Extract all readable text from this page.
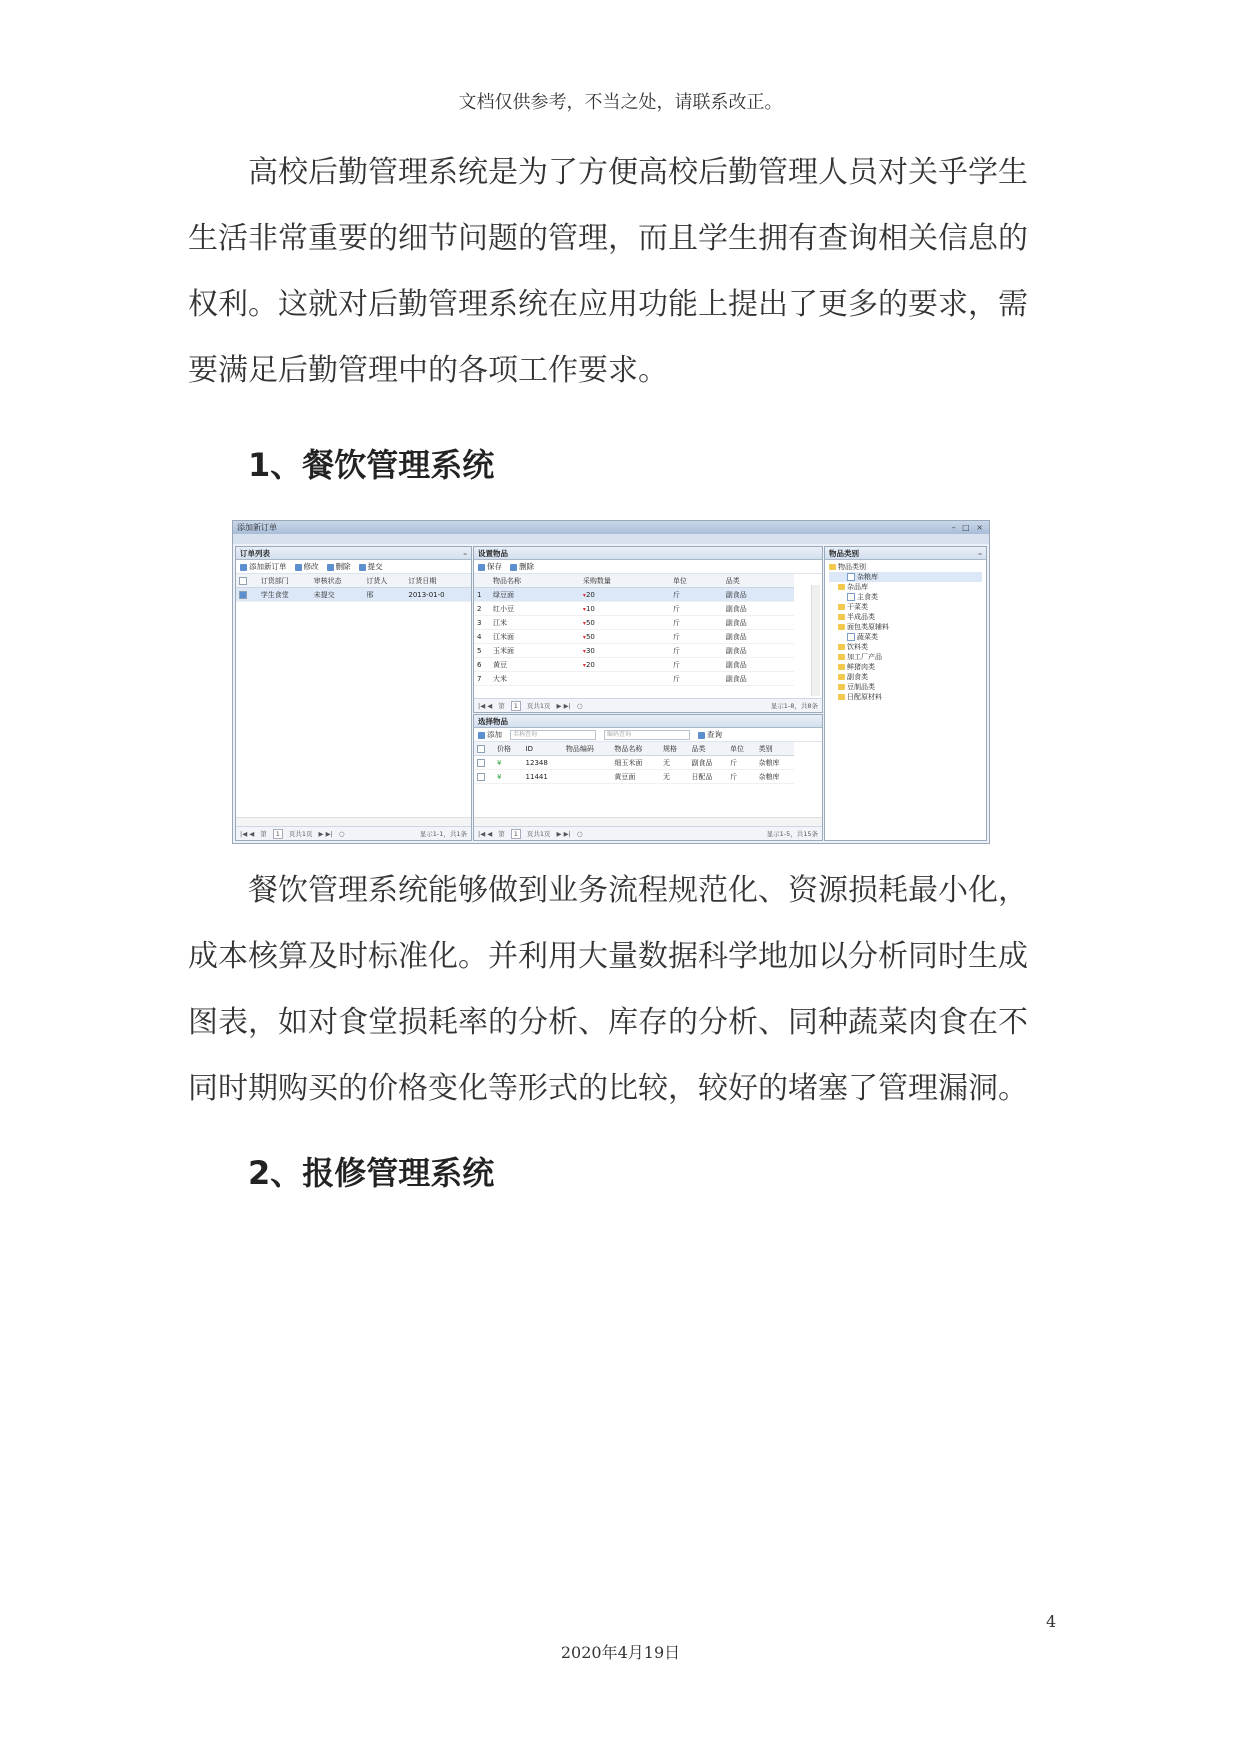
文档仅供参考，不当之处，请联系改正。

高校后勤管理系统是为了方便高校后勤管理人员对关乎学生生活非常重要的细节问题的管理，而且学生拥有查询相关信息的权利。这就对后勤管理系统在应用功能上提出了更多的要求，需要满足后勤管理中的各项工作要求。

1、餐饮管理系统
添加新订单	– □ ×
订单列表	–
添加新订单	修改	删除	提交
	订货部门	审核状态	订货人	订货日期
	学生食堂	未提交	邢	2013-01-0
|◀ ◀ 第	1	页共1页 ▶ ▶| ○	显示1-1，共1条
设置物品
保存	删除
	物品名称	采购数量	单位	品类
1	绿豆面	▾20	斤	副食品
2	红小豆	▾10	斤	副食品
3	江米	▾50	斤	副食品
4	江米面	▾50	斤	副食品
5	玉米面	▾30	斤	副食品
6	黄豆	▾20	斤	副食品
7	大米		斤	副食品
|◀ ◀ 第	1	页共1页 ▶ ▶| ○	显示1-8，共8条
选择物品
添加	名称查询	编码查询	查询
	价格	ID	物品编码	物品名称	规格	品类	单位	类别
	¥	12348		细玉米面	无	副食品	斤	杂粮库
	¥	11441		黄豆面	无	日配品	斤	杂粮库
|◀ ◀ 第	1	页共1页 ▶ ▶| ○	显示1-5，共15条
物品类别	–
物品类别
杂粮库
杂品库
主食类
干菜类
半成品类
面包类原辅料
蔬菜类
饮料类
加工厂产品
鲜猪肉类
副食类
豆制品类
日配原材料

餐饮管理系统能够做到业务流程规范化、资源损耗最小化，成本核算及时标准化。并利用大量数据科学地加以分析同时生成图表，如对食堂损耗率的分析、库存的分析、同种蔬菜肉食在不同时期购买的价格变化等形式的比较，较好的堵塞了管理漏洞。

2、报修管理系统
4
2020年4月19日
